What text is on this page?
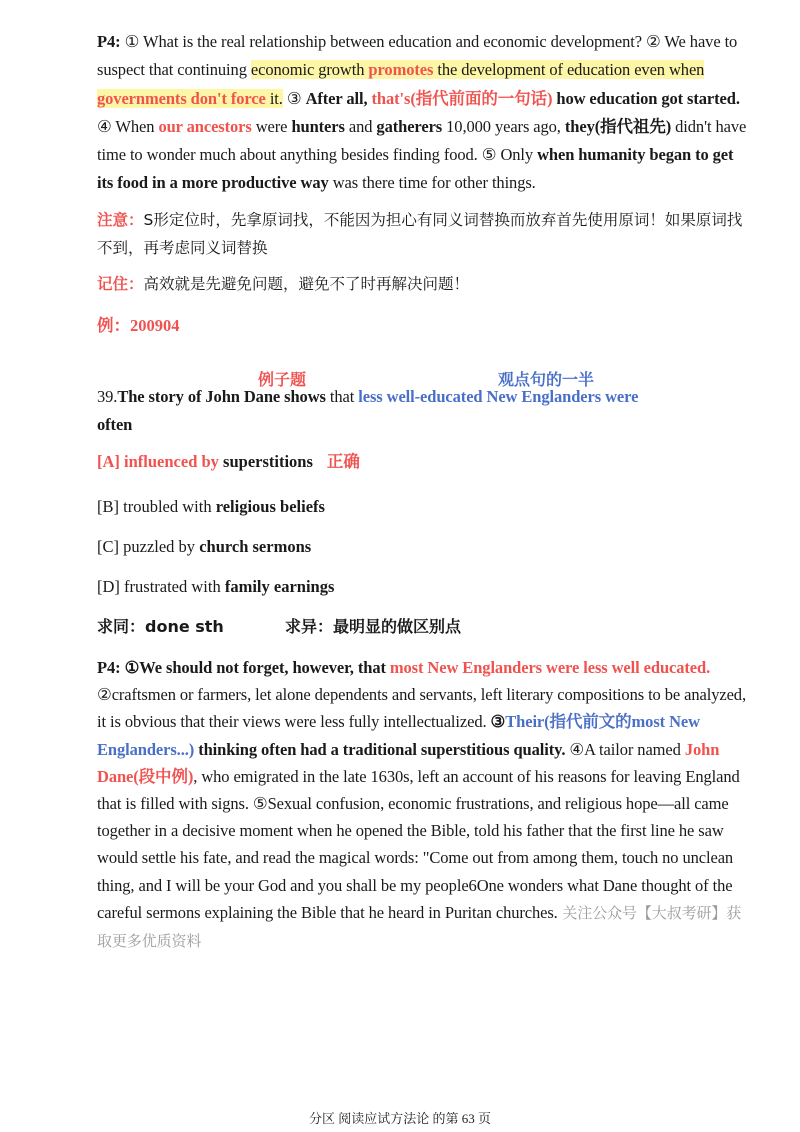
P4: ① What is the real relationship between education and economic development? ② We have to suspect that continuing economic growth promotes the development of education even when governments don't force it. ③ After all, that's(指代前面的一句话) how education got started. ④ When our ancestors were hunters and gatherers 10,000 years ago, they(指代祖先) didn't have time to wonder much about anything besides finding food. ⑤ Only when humanity began to get its food in a more productive way was there time for other things.

注意：S形定位时，先拿原词找，不能因为担心有同义词替换而放弃首先使用原词！如果原词找不到，再考虑同义词替换

记住：高效就是先避免问题，避免不了时再解决问题！

例：200904

例子题	观点句的一半

39.The story of John Dane shows that less well-educated New Englanders were
often

[A] influenced by superstitions 正确

[B] troubled with religious beliefs

[C] puzzled by church sermons

[D] frustrated with family earnings

求同：done sth	求异：最明显的做区别点

P4: ①We should not forget, however, that most New Englanders were less well educated. ②craftsmen or farmers, let alone dependents and servants, left literary compositions to be analyzed, it is obvious that their views were less fully intellectualized. ③Their(指代前文的most New Englanders...) thinking often had a traditional superstitious quality. ④A tailor named John Dane(段中例), who emigrated in the late 1630s, left an account of his reasons for leaving England that is filled with signs. ⑤Sexual confusion, economic frustrations, and religious hope—all came together in a decisive moment when he opened the Bible, told his father that the first line he saw would settle his fate, and read the magical words: "Come out from among them, touch no unclean thing, and I will be your God and you shall be my people6One wonders what Dane thought of the careful sermons explaining the Bible that he heard in Puritan churches. 关注公众号【大叔考研】获取更多优质资料

分区 阅读应试方法论 的第 63 页
